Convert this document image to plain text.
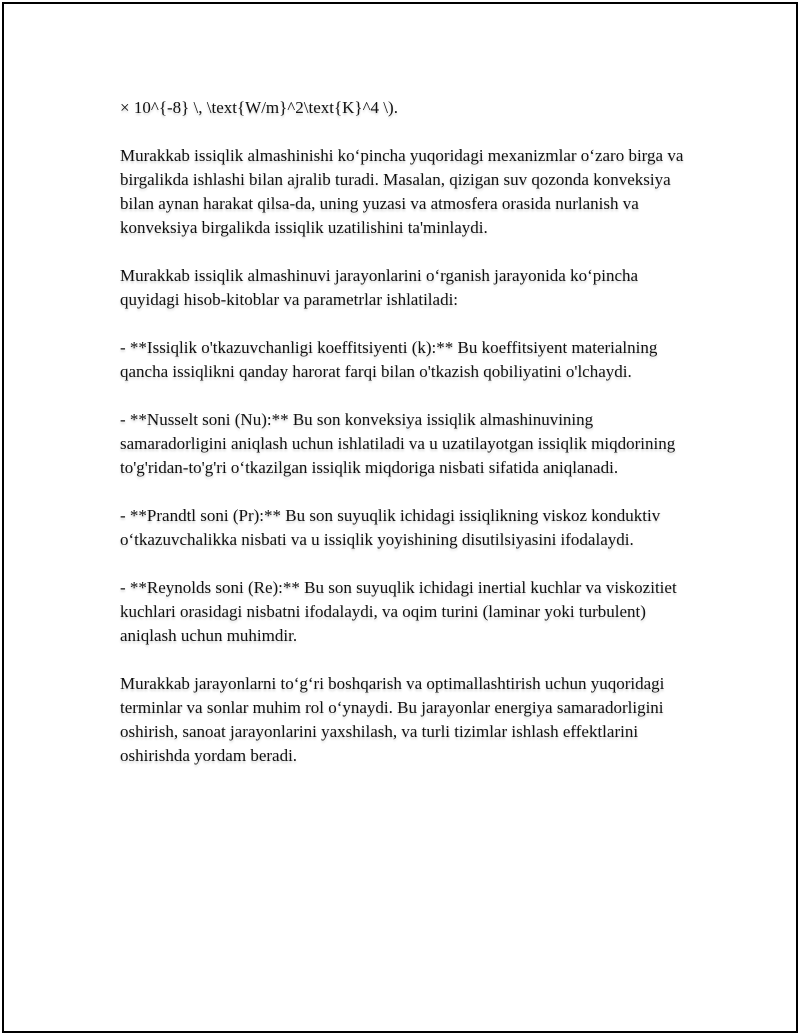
× 10^{-8} \, \text{W/m}^2\text{K}^4 \).

Murakkab issiqlik almashinishi ko‘pincha yuqoridagi mexanizmlar o‘zaro birga va birgalikda ishlashi bilan ajralib turadi. Masalan, qizigan suv qozonda konveksiya bilan aynan harakat qilsa-da, uning yuzasi va atmosfera orasida nurlanish va konveksiya birgalikda issiqlik uzatilishini ta'minlaydi.

Murakkab issiqlik almashinuvi jarayonlarini o‘rganish jarayonida ko‘pincha quyidagi hisob-kitoblar va parametrlar ishlatiladi:

- **Issiqlik o'tkazuvchanligi koeffitsiyenti (k):** Bu koeffitsiyent materialning qancha issiqlikni qanday harorat farqi bilan o'tkazish qobiliyatini o'lchaydi.

- **Nusselt soni (Nu):** Bu son konveksiya issiqlik almashinuvining samaradorligini aniqlash uchun ishlatiladi va u uzatilayotgan issiqlik miqdorining to'g'ridan-to'g'ri o‘tkazilgan issiqlik miqdoriga nisbati sifatida aniqlanadi.

- **Prandtl soni (Pr):** Bu son suyuqlik ichidagi issiqlikning viskoz konduktiv o‘tkazuvchalikka nisbati va u issiqlik yoyishining disutilsiyasini ifodalaydi.

- **Reynolds soni (Re):** Bu son suyuqlik ichidagi inertial kuchlar va viskozitiet kuchlari orasidagi nisbatni ifodalaydi, va oqim turini (laminar yoki turbulent) aniqlash uchun muhimdir.

Murakkab jarayonlarni to‘g‘ri boshqarish va optimallashtirish uchun yuqoridagi terminlar va sonlar muhim rol o‘ynaydi. Bu jarayonlar energiya samaradorligini oshirish, sanoat jarayonlarini yaxshilash, va turli tizimlar ishlash effektlarini oshirishda yordam beradi.
